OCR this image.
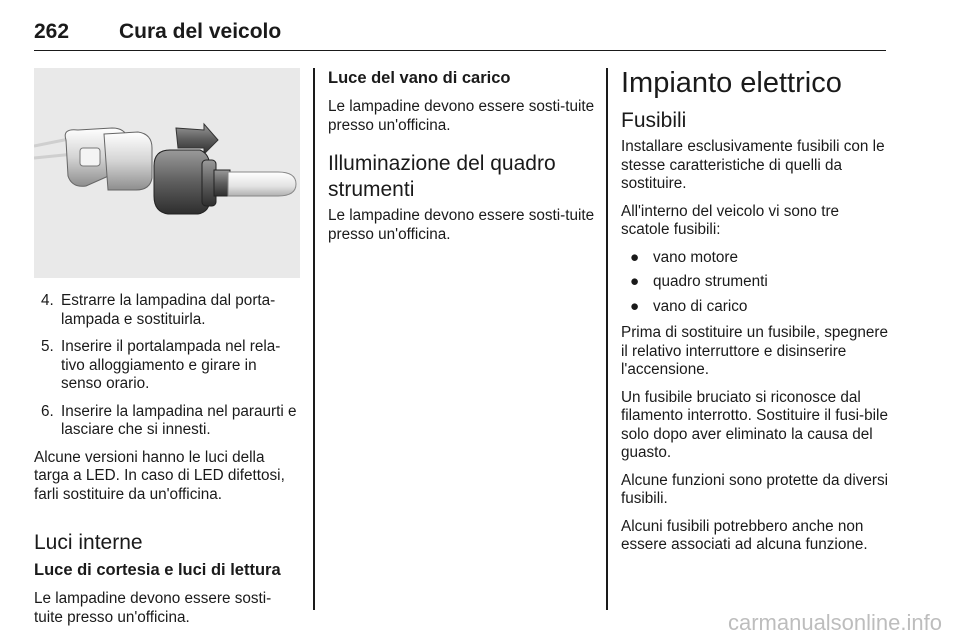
262 Cura del veicolo
4. Estrarre la lampadina dal porta-lampada e sostituirla.
5. Inserire il portalampada nel rela-tivo alloggiamento e girare in senso orario.
6. Inserire la lampadina nel paraurti e lasciare che si innesti.

Alcune versioni hanno le luci della targa a LED. In caso di LED difettosi, farli sostituire da un'officina.

Luci interne
Luce di cortesia e luci di lettura

Le lampadine devono essere sosti-tuite presso un'officina.

Luce del vano di carico

Le lampadine devono essere sosti-tuite presso un'officina.

Illuminazione del quadro strumenti

Le lampadine devono essere sosti-tuite presso un'officina.

Impianto elettrico
Fusibili

Installare esclusivamente fusibili con le stesse caratteristiche di quelli da sostituire.

All'interno del veicolo vi sono tre scatole fusibili:

● vano motore
● quadro strumenti
● vano di carico

Prima di sostituire un fusibile, spegnere il relativo interruttore e disinserire l'accensione.

Un fusibile bruciato si riconosce dal filamento interrotto. Sostituire il fusi-bile solo dopo aver eliminato la causa del guasto.

Alcune funzioni sono protette da diversi fusibili.

Alcuni fusibili potrebbero anche non essere associati ad alcuna funzione.

carmanualsonline.info
